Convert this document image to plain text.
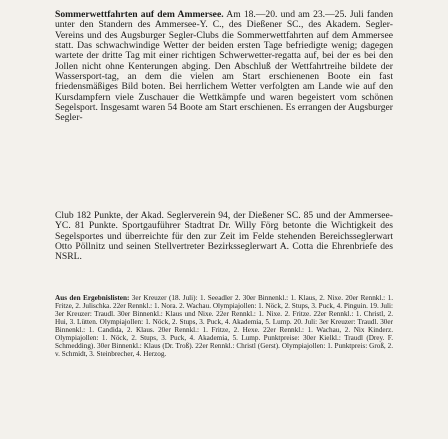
Sommerwettfahrten auf dem Ammersee. Am 18.—20. und am 23.—25. Juli fanden unter den Standern des Ammersee-Y. C., des Dießener SC., des Akadem. Segler-Vereins und des Augsburger Segler-Clubs die Sommerwettfahrten auf dem Ammersee statt. Das schwachwindige Wetter der beiden ersten Tage befriedigte wenig; dagegen wartete der dritte Tag mit einer richtigen Schwerwetter-regatta auf, bei der es bei den Jollen nicht ohne Kenterungen abging. Den Abschluß der Wettfahrtreihe bildete der Wassersport-tag, an dem die vielen am Start erschienenen Boote ein fast friedensmäßiges Bild boten. Bei herrlichem Wetter verfolgten am Lande wie auf den Kursdampfern viele Zuschauer die Wettkämpfe und waren begeistert vom schönen Segelsport. Insgesamt waren 54 Boote am Start erschienen. Es errangen der Augsburger Segler-

Club 182 Punkte, der Akad. Seglerverein 94, der Dießener SC. 85 und der Ammersee-YC. 81 Punkte. Sportgauführer Stadtrat Dr. Willy Förg betonte die Wichtigkeit des Segelsportes und überreichte für den zur Zeit im Felde stehenden Bereichsseglerwart Otto Pöllnitz und seinen Stellvertreter Bezirksseglerwart A. Cotta die Ehrenbriefe des NSRL.

Aus den Ergebnislisten: 3er Kreuzer (18. Juli): 1. Seeadler 2. 30er Binnenkl.: 1. Klaus, 2. Nixe. 20er Rennkl.: 1. Fritze, 2. Julischka. 22er Rennkl.: 1. Nora. 2. Wachau. Olympiajollen: 1. Nöck, 2. Stups, 3. Puck, 4. Pinguin. 19. Juli: 3er Kreuzer: Traudl. 30er Binnenkl.: Klaus und Nixe. 22er Rennkl.: 1. Nixe. 2. Fritze. 22er Rennkl.: 1. Christl, 2. Hui, 3. Lütten. Olympiajollen: 1. Nöck, 2. Stups, 3. Puck, 4. Akademia, 5. Lump. 20. Juli: 3er Kreuzer: Traudl. 30er Binnenkl.: 1. Candida, 2. Klaus. 20er Rennkl.: 1. Fritze, 2. Hexe. 22er Rennkl.: 1. Wachau, 2. Nix Kinderz. Olympiajollen: 1. Nöck, 2. Stups, 3. Puck, 4. Akademia, 5. Lump. Punktpreise: 30er Kielkl.: Traudl (Drey. F. Schmedding). 30er Binnenkl.: Klaus (Dr. Troß). 22er Rennkl.: Christl (Gerst). Olympiajollen: 1. Punktpreis: Groß, 2. v. Schmidt, 3. Steinbrecher, 4. Herzog.
